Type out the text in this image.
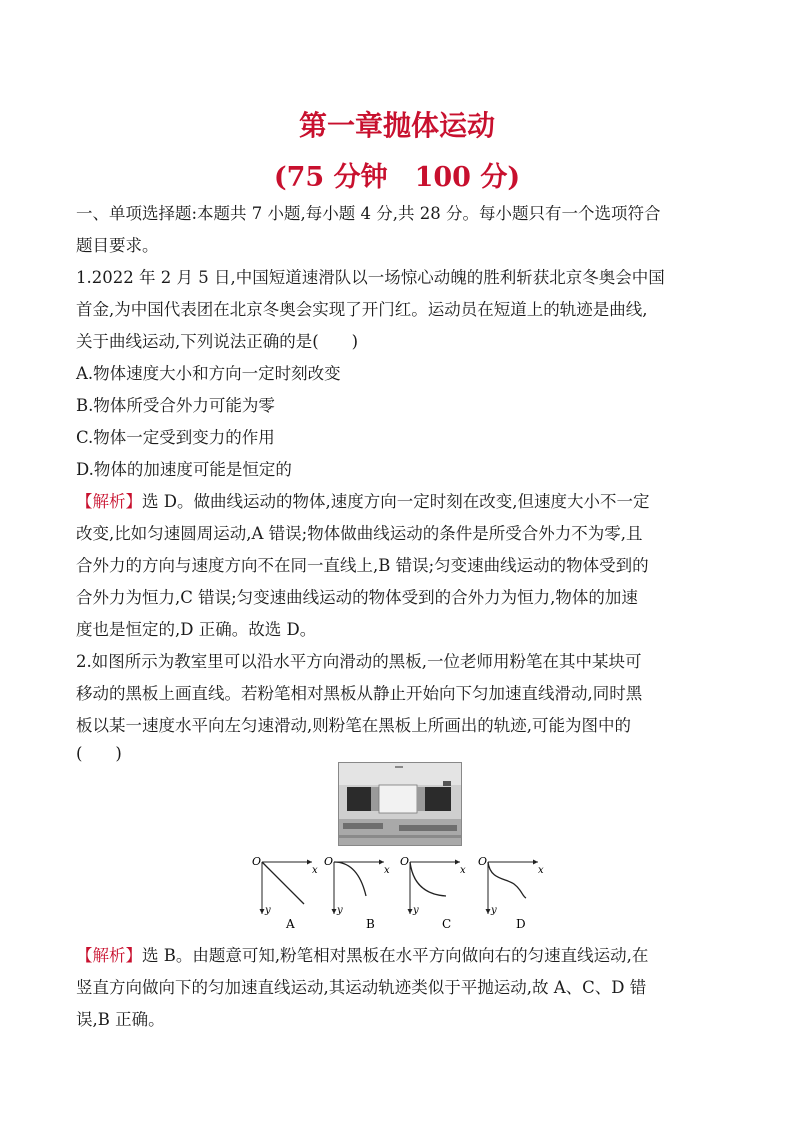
第一章抛体运动
(75 分钟　100 分)
一、单项选择题:本题共 7 小题,每小题 4 分,共 28 分。每小题只有一个选项符合
题目要求。
1.2022 年 2 月 5 日,中国短道速滑队以一场惊心动魄的胜利斩获北京冬奥会中国
首金,为中国代表团在北京冬奥会实现了开门红。运动员在短道上的轨迹是曲线,
关于曲线运动,下列说法正确的是(　　)
A.物体速度大小和方向一定时刻改变
B.物体所受合外力可能为零
C.物体一定受到变力的作用
D.物体的加速度可能是恒定的
【解析】选 D。做曲线运动的物体,速度方向一定时刻在改变,但速度大小不一定
改变,比如匀速圆周运动,A 错误;物体做曲线运动的条件是所受合外力不为零,且
合外力的方向与速度方向不在同一直线上,B 错误;匀变速曲线运动的物体受到的
合外力为恒力,C 错误;匀变速曲线运动的物体受到的合外力为恒力,物体的加速
度也是恒定的,D 正确。故选 D。
2.如图所示为教室里可以沿水平方向滑动的黑板,一位老师用粉笔在其中某块可
移动的黑板上画直线。若粉笔相对黑板从静止开始向下匀加速直线滑动,同时黑
板以某一速度水平向左匀速滑动,则粉笔在黑板上所画出的轨迹,可能为图中的
(　　)
O
x
y
A
O
x
y
B
O
x
y
C
O
x
y
D
【解析】选 B。由题意可知,粉笔相对黑板在水平方向做向右的匀速直线运动,在
竖直方向做向下的匀加速直线运动,其运动轨迹类似于平抛运动,故 A、C、D 错
误,B 正确。
